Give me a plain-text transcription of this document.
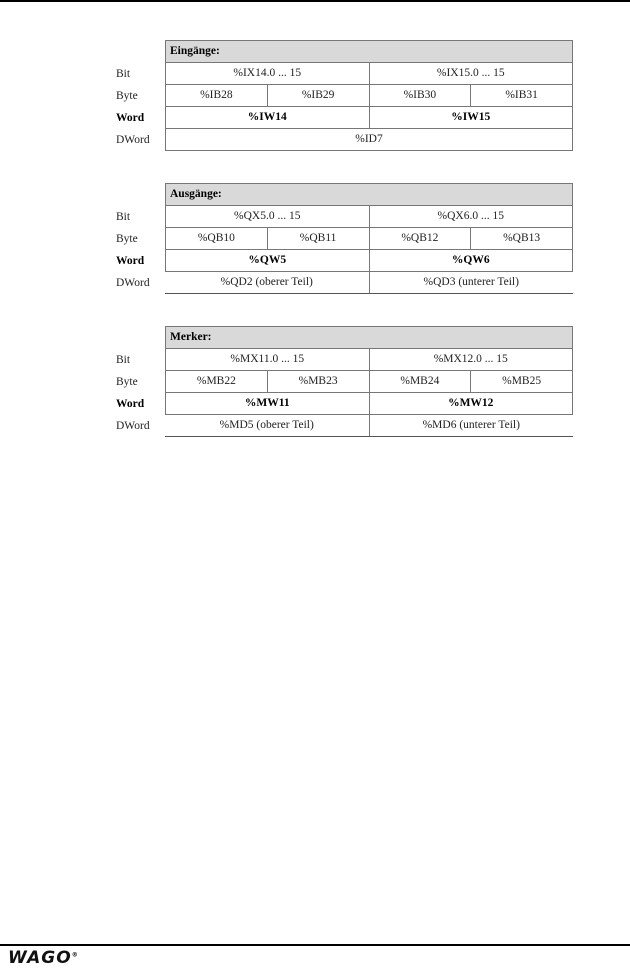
Eingänge:
Bit	%IX14.0 ... 15	%IX15.0 ... 15
Byte	%IB28	%IB29	%IB30	%IB31
Word	%IW14	%IW15
DWord	%ID7
Ausgänge:
Bit	%QX5.0 ... 15	%QX6.0 ... 15
Byte	%QB10	%QB11	%QB12	%QB13
Word	%QW5	%QW6
DWord	%QD2 (oberer Teil)	%QD3 (unterer Teil)
Merker:
Bit	%MX11.0 ... 15	%MX12.0 ... 15
Byte	%MB22	%MB23	%MB24	%MB25
Word	%MW11	%MW12
DWord	%MD5 (oberer Teil)	%MD6 (unterer Teil)
WAGO®
